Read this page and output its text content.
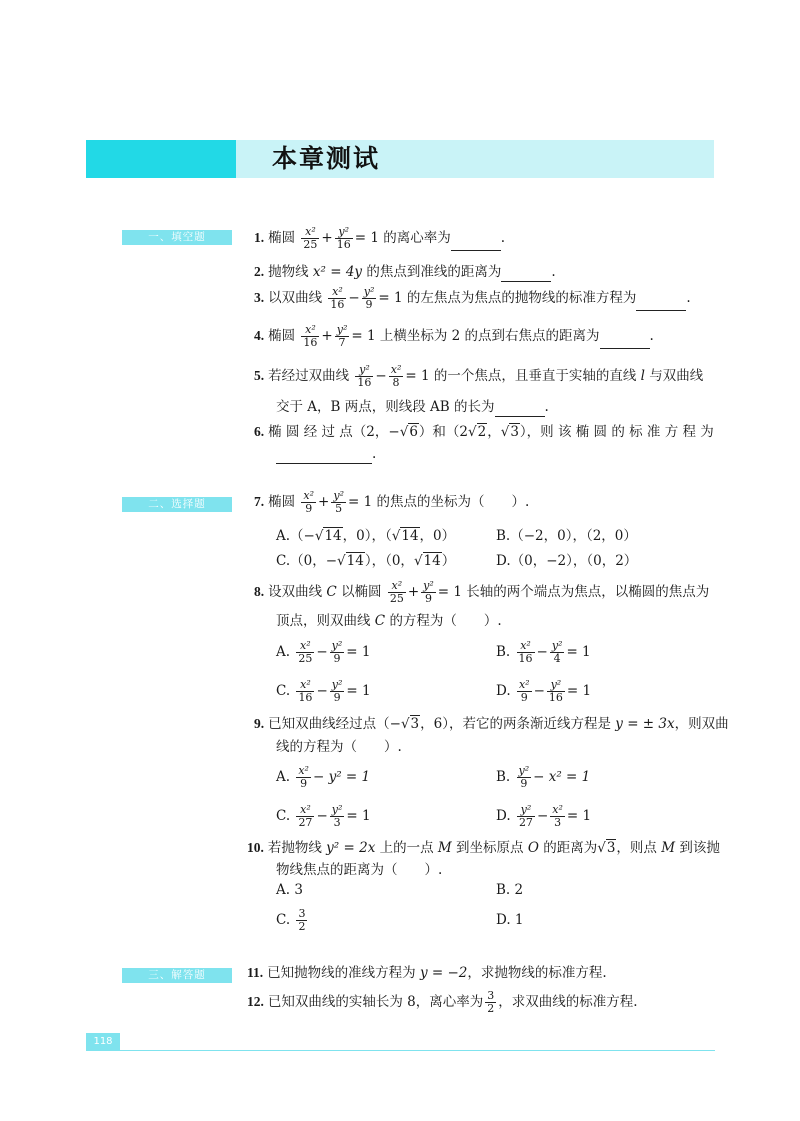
本章测试
一、填空题	1. 椭圆 $\frac{\text{x²}}{25} + \frac{\text{y²}}{16} = 1$ 的离心率为	.
2. 抛物线 x² = 4y 的焦点到准线的距离为	.
3. 以双曲线 $\frac{\text{x²}}{16} - \frac{\text{y²}}{9} = 1$ 的左焦点为焦点的抛物线的标准方程为	.
4. 椭圆 $\frac{\text{x²}}{16} + \frac{\text{y²}}{7} = 1$ 上横坐标为 2 的点到右焦点的距离为	.
5. 若经过双曲线 $\frac{\text{y²}}{16} - \frac{\text{x²}}{8} = 1$ 的一个焦点，且垂直于实轴的直线 l 与双曲线
交于 A，B 两点，则线段 AB 的长为	.
6. 椭 圆 经 过 点（2，−√6）和（2√2，√3），则 该 椭 圆 的 标 准 方 程 为
.
二、选择题	7. 椭圆 $\frac{\text{x²}}{9} + \frac{\text{y²}}{5} = 1$ 的焦点的坐标为（　　）.
A.（−√14，0），（√14，0）	B.（−2，0），（2，0）
C.（0，−√14），（0，√14）	D.（0，−2），（0，2）
8. 设双曲线 C 以椭圆 $\frac{\text{x²}}{25} + \frac{\text{y²}}{9} = 1$ 长轴的两个端点为焦点，以椭圆的焦点为
顶点，则双曲线 C 的方程为（　　）.
A. $\frac{\text{x²}}{25} - \frac{\text{y²}}{9} = 1$	B. $\frac{\text{x²}}{16} - \frac{\text{y²}}{4} = 1$
C. $\frac{\text{x²}}{16} - \frac{\text{y²}}{9} = 1$	D. $\frac{\text{x²}}{9} - \frac{\text{y²}}{16} = 1$
9. 已知双曲线经过点（−√3，6），若它的两条渐近线方程是 y = ± 3x，则双曲
线的方程为（　　）.
A. $\frac{\text{x²}}{9} - y^2 = 1$	B. $\frac{\text{y²}}{9} - x^2 = 1$
C. $\frac{\text{x²}}{27} - \frac{\text{y²}}{3} = 1$	D. $\frac{\text{y²}}{27} - \frac{\text{x²}}{3} = 1$
10. 若抛物线 y² = 2x 上的一点 M 到坐标原点 O 的距离为√3，则点 M 到该抛
物线焦点的距离为（　　）.
A. 3	B. 2
C. $\frac{3}{2}$	D. 1
三、解答题	11. 已知抛物线的准线方程为 y = −2，求抛物线的标准方程.
12. 已知双曲线的实轴长为 8，离心率为 $\frac{3}{2}$ ，求双曲线的标准方程.
118
